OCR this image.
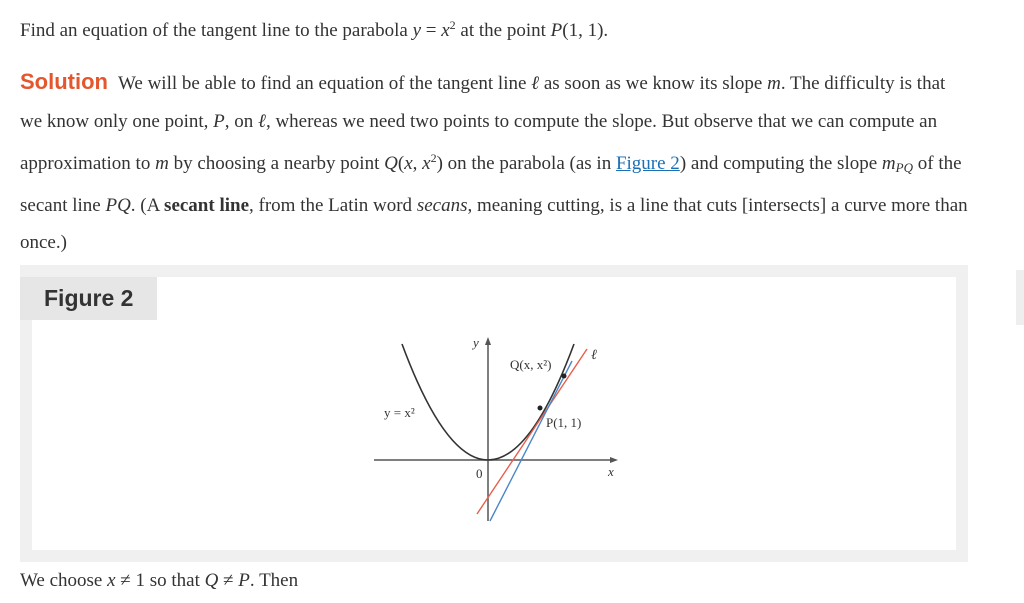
Find an equation of the tangent line to the parabola $y = x^2$ at the point P(1, 1).

Solution We will be able to find an equation of the tangent line ℓ as soon as we know its slope m. The difficulty is that we know only one point, P, on ℓ, whereas we need two points to compute the slope. But observe that we can compute an approximation to m by choosing a nearby point Q(x, $x^2$) on the parabola (as in Figure 2) and computing the slope $m_{PQ}$ of the secant line PQ. (A secant line, from the Latin word secans, meaning cutting, is a line that cuts [intersects] a curve more than once.)

y
x
0
y = x²
Q(x, x²)
P(1, 1)
ℓ
Figure 2

We choose x ≠ 1 so that Q ≠ P. Then
